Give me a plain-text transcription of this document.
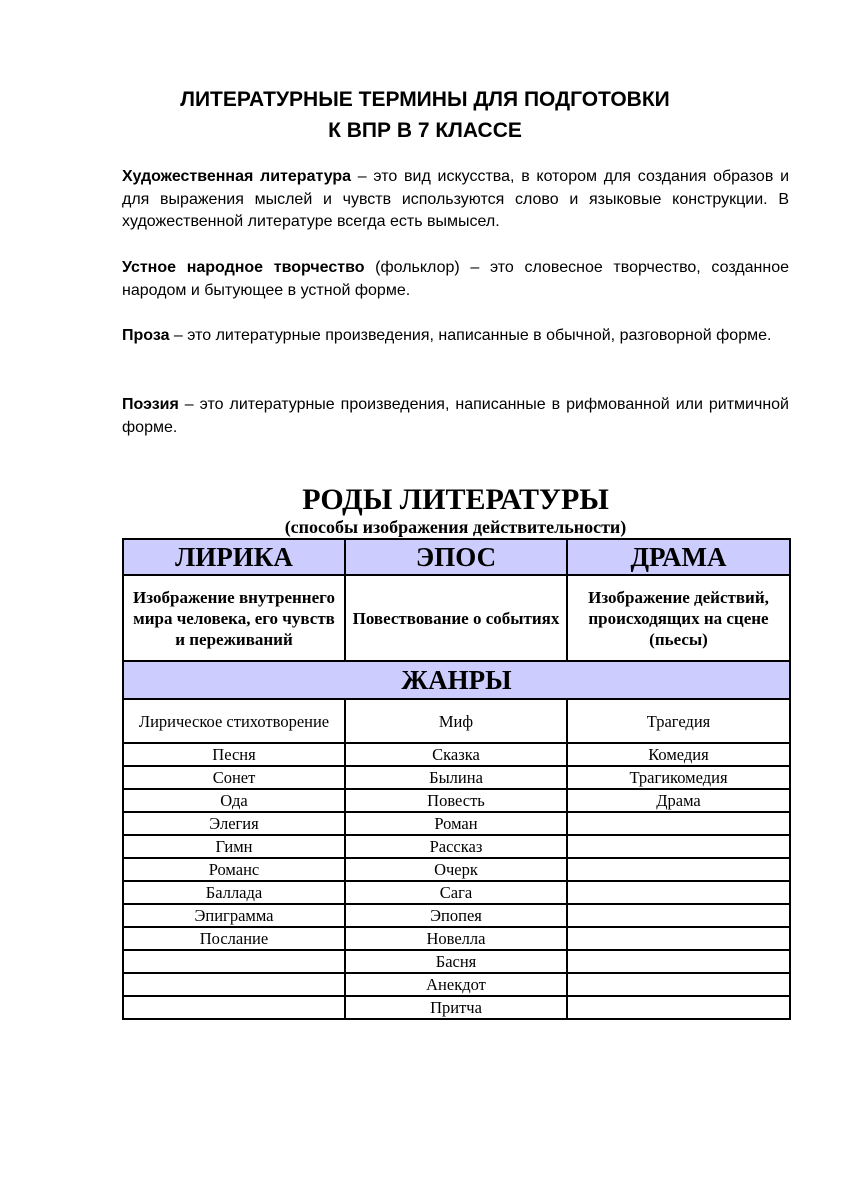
ЛИТЕРАТУРНЫЕ ТЕРМИНЫ ДЛЯ ПОДГОТОВКИ
К ВПР В 7 КЛАССЕ
Художественная литература – это вид искусства, в котором для создания образов и для выражения мыслей и чувств используются слово и языковые конструкции. В художественной литературе всегда есть вымысел.
Устное народное творчество (фольклор) – это словесное творчество, созданное народом и бытующее в устной форме.
Проза – это литературные произведения, написанные в обычной, разговорной форме.
Поэзия – это литературные произведения, написанные в рифмованной или ритмичной форме.
РОДЫ ЛИТЕРАТУРЫ
(способы изображения действительности)
ЛИРИКА	ЭПОС	ДРАМА
Изображение внутреннего мира человека, его чувств и переживаний	Повествование о событиях	Изображение действий, происходящих на сцене (пьесы)
ЖАНРЫ		
Лирическое стихотворение	Миф	Трагедия
Песня	Сказка	Комедия
Сонет	Былина	Трагикомедия
Ода	Повесть	Драма
Элегия	Роман	
Гимн	Рассказ	
Романс	Очерк	
Баллада	Сага	
Эпиграмма	Эпопея	
Послание	Новелла	
	Басня	
	Анекдот	
	Притча	
